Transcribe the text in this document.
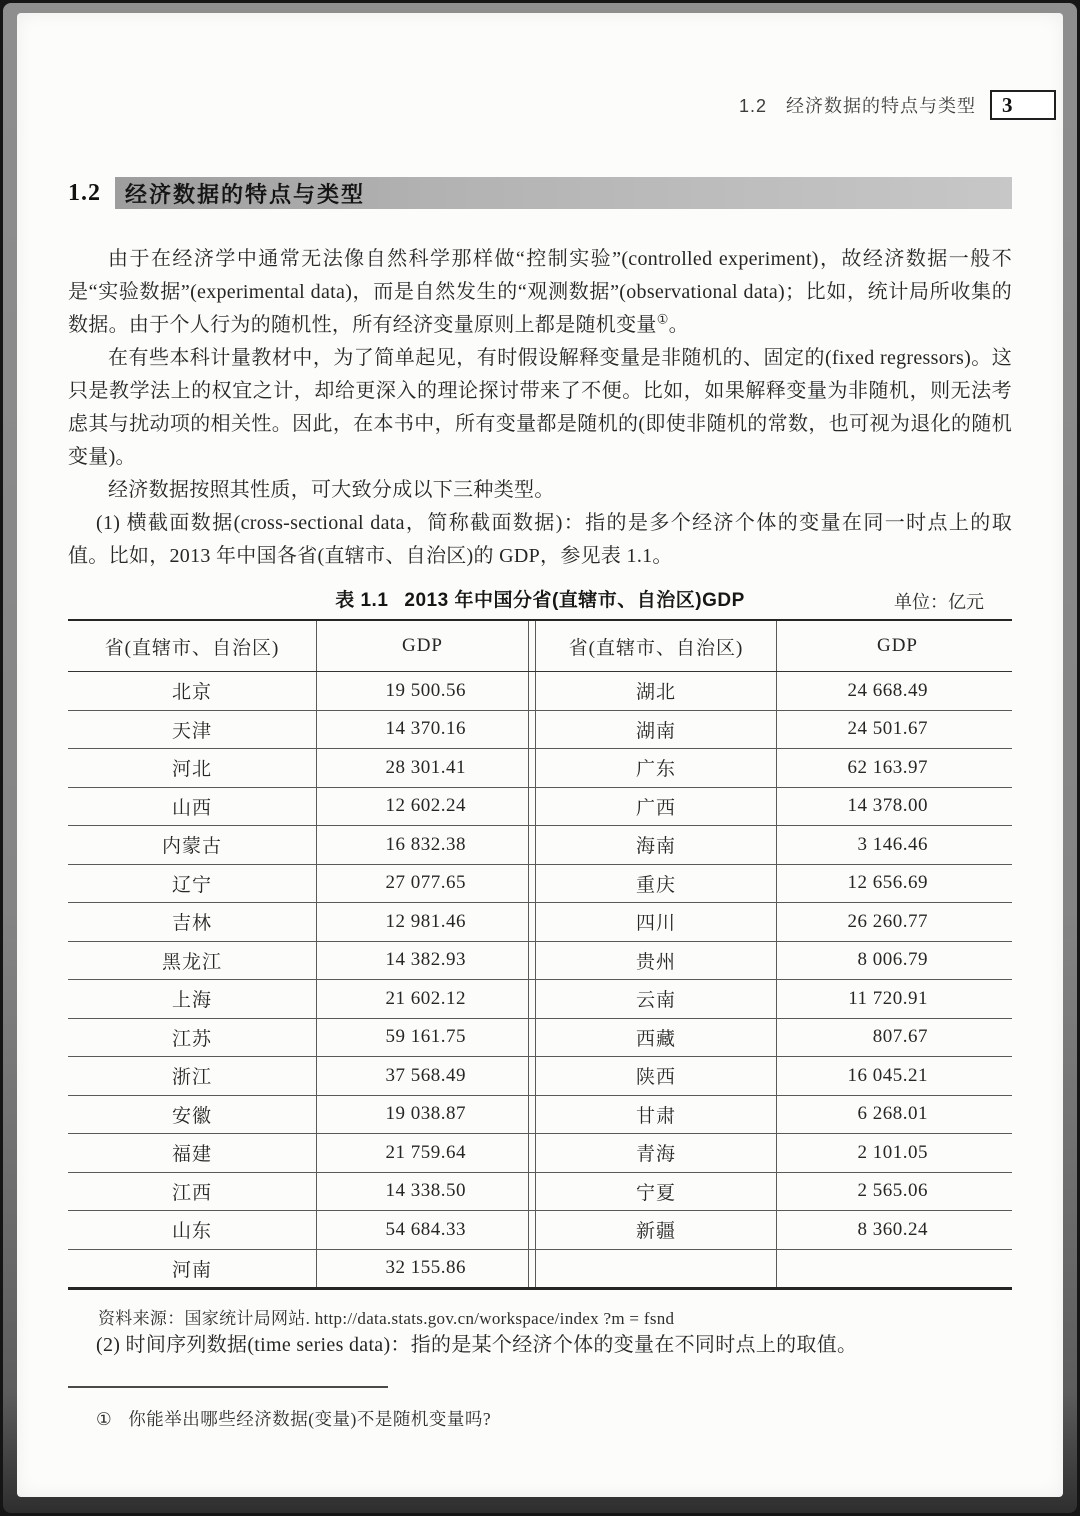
1.2　经济数据的特点与类型 3
1.2	经济数据的特点与类型

由于在经济学中通常无法像自然科学那样做“控制实验”(controlled experiment)，故经济数据一般不是“实验数据”(experimental data)，而是自然发生的“观测数据”(observational data)；比如，统计局所收集的数据。由于个人行为的随机性，所有经济变量原则上都是随机变量①。

在有些本科计量教材中，为了简单起见，有时假设解释变量是非随机的、固定的(fixed regressors)。这只是教学法上的权宜之计，却给更深入的理论探讨带来了不便。比如，如果解释变量为非随机，则无法考虑其与扰动项的相关性。因此，在本书中，所有变量都是随机的(即使非随机的常数，也可视为退化的随机变量)。

经济数据按照其性质，可大致分成以下三种类型。

(1) 横截面数据(cross-sectional data，简称截面数据)：指的是多个经济个体的变量在同一时点上的取值。比如，2013 年中国各省(直辖市、自治区)的 GDP，参见表 1.1。

表 1.1 2013 年中国分省(直辖市、自治区)GDP	单位：亿元
省(直辖市、自治区)	GDP	省(直辖市、自治区)	GDP
北京	19 500.56	湖北	24 668.49
天津	14 370.16	湖南	24 501.67
河北	28 301.41	广东	62 163.97
山西	12 602.24	广西	14 378.00
内蒙古	16 832.38	海南	3 146.46
辽宁	27 077.65	重庆	12 656.69
吉林	12 981.46	四川	26 260.77
黑龙江	14 382.93	贵州	8 006.79
上海	21 602.12	云南	11 720.91
江苏	59 161.75	西藏	807.67
浙江	37 568.49	陕西	16 045.21
安徽	19 038.87	甘肃	6 268.01
福建	21 759.64	青海	2 101.05
江西	14 338.50	宁夏	2 565.06
山东	54 684.33	新疆	8 360.24
河南	32 155.86

资料来源：国家统计局网站. http://data.stats.gov.cn/workspace/index ?m = fsnd

(2) 时间序列数据(time series data)：指的是某个经济个体的变量在不同时点上的取值。

① 你能举出哪些经济数据(变量)不是随机变量吗?
